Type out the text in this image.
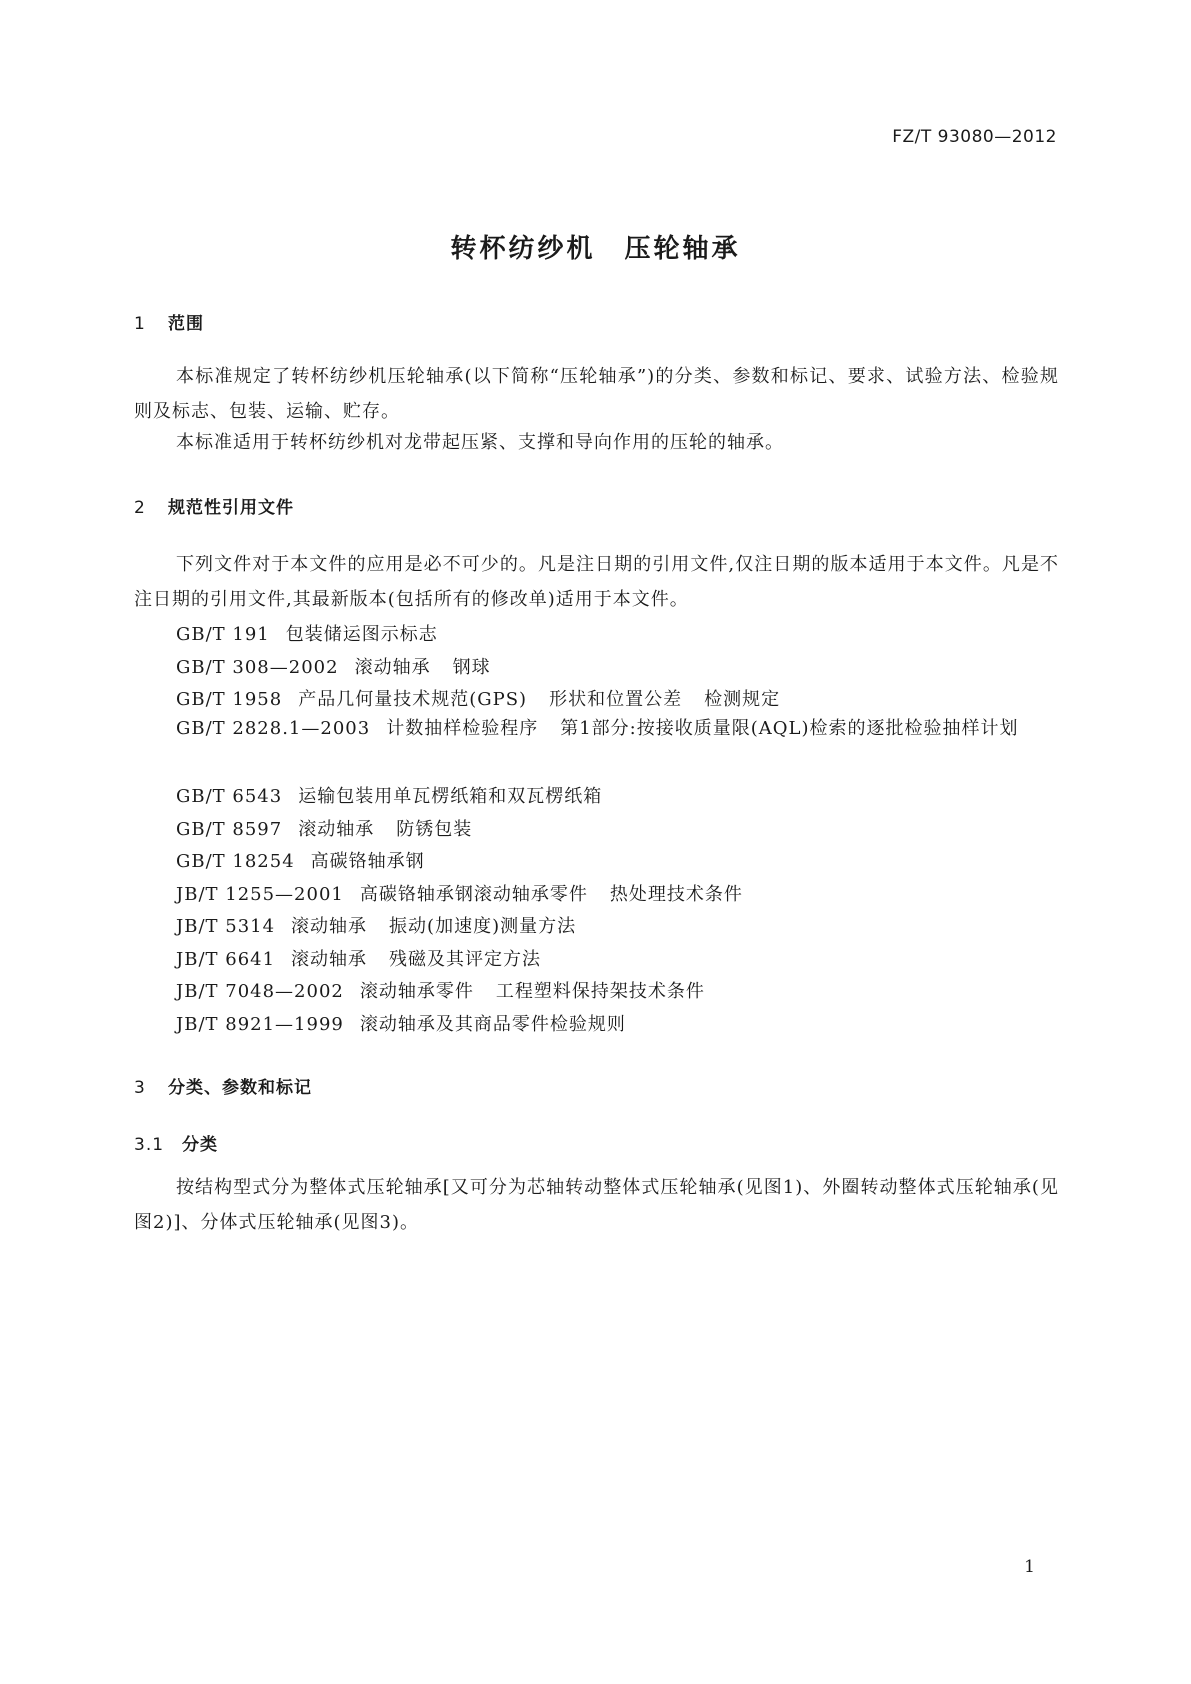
FZ/T 93080—2012
转杯纺纱机　压轮轴承
1 范围
本标准规定了转杯纺纱机压轮轴承(以下简称“压轮轴承”)的分类、参数和标记、要求、试验方法、检验规则及标志、包装、运输、贮存。
本标准适用于转杯纺纱机对龙带起压紧、支撑和导向作用的压轮的轴承。
2 规范性引用文件
下列文件对于本文件的应用是必不可少的。凡是注日期的引用文件,仅注日期的版本适用于本文件。凡是不注日期的引用文件,其最新版本(包括所有的修改单)适用于本文件。
GB/T 191 包装储运图示标志
GB/T 308—2002 滚动轴承 钢球
GB/T 1958 产品几何量技术规范(GPS) 形状和位置公差 检测规定
GB/T 2828.1—2003 计数抽样检验程序 第1部分:按接收质量限(AQL)检索的逐批检验抽样计划
GB/T 6543 运输包装用单瓦楞纸箱和双瓦楞纸箱
GB/T 8597 滚动轴承 防锈包装
GB/T 18254 高碳铬轴承钢
JB/T 1255—2001 高碳铬轴承钢滚动轴承零件 热处理技术条件
JB/T 5314 滚动轴承 振动(加速度)测量方法
JB/T 6641 滚动轴承 残磁及其评定方法
JB/T 7048—2002 滚动轴承零件 工程塑料保持架技术条件
JB/T 8921—1999 滚动轴承及其商品零件检验规则
3 分类、参数和标记
3.1 分类
按结构型式分为整体式压轮轴承[又可分为芯轴转动整体式压轮轴承(见图1)、外圈转动整体式压轮轴承(见图2)]、分体式压轮轴承(见图3)。
1
